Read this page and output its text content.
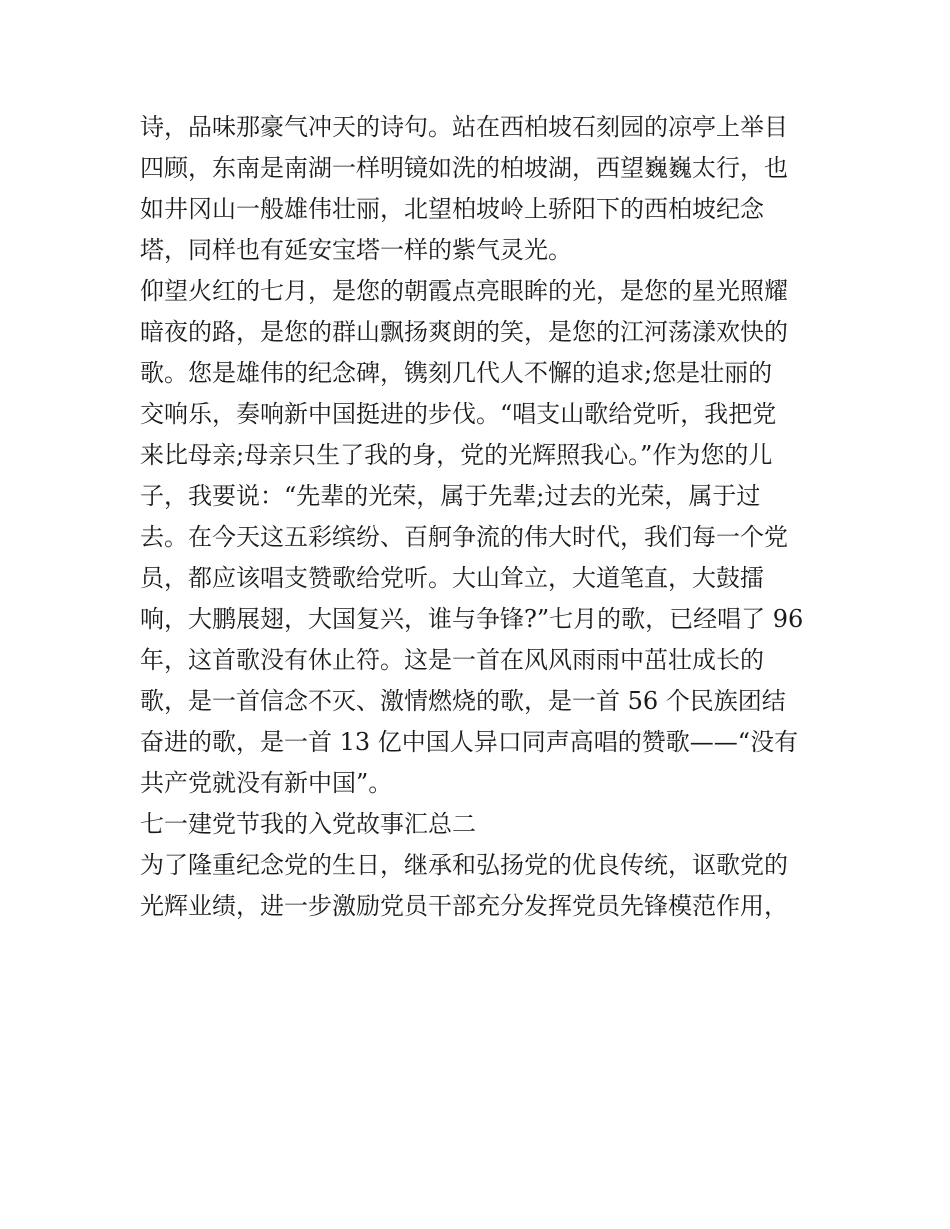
诗，品味那豪气冲天的诗句。站在西柏坡石刻园的凉亭上举目
四顾，东南是南湖一样明镜如洗的柏坡湖，西望巍巍太行，也
如井冈山一般雄伟壮丽，北望柏坡岭上骄阳下的西柏坡纪念
塔，同样也有延安宝塔一样的紫气灵光。
仰望火红的七月，是您的朝霞点亮眼眸的光，是您的星光照耀
暗夜的路，是您的群山飘扬爽朗的笑，是您的江河荡漾欢快的
歌。您是雄伟的纪念碑，镌刻几代人不懈的追求;您是壮丽的
交响乐，奏响新中国挺进的步伐。“唱支山歌给党听，我把党
来比母亲;母亲只生了我的身，党的光辉照我心。”作为您的儿
子，我要说：“先辈的光荣，属于先辈;过去的光荣，属于过
去。在今天这五彩缤纷、百舸争流的伟大时代，我们每一个党
员，都应该唱支赞歌给党听。大山耸立，大道笔直，大鼓擂
响，大鹏展翅，大国复兴，谁与争锋?”七月的歌，已经唱了 96
年，这首歌没有休止符。这是一首在风风雨雨中茁壮成长的
歌，是一首信念不灭、激情燃烧的歌，是一首 56 个民族团结
奋进的歌，是一首 13 亿中国人异口同声高唱的赞歌——“没有
共产党就没有新中国”。
七一建党节我的入党故事汇总二
为了隆重纪念党的生日，继承和弘扬党的优良传统，讴歌党的
光辉业绩，进一步激励党员干部充分发挥党员先锋模范作用，
